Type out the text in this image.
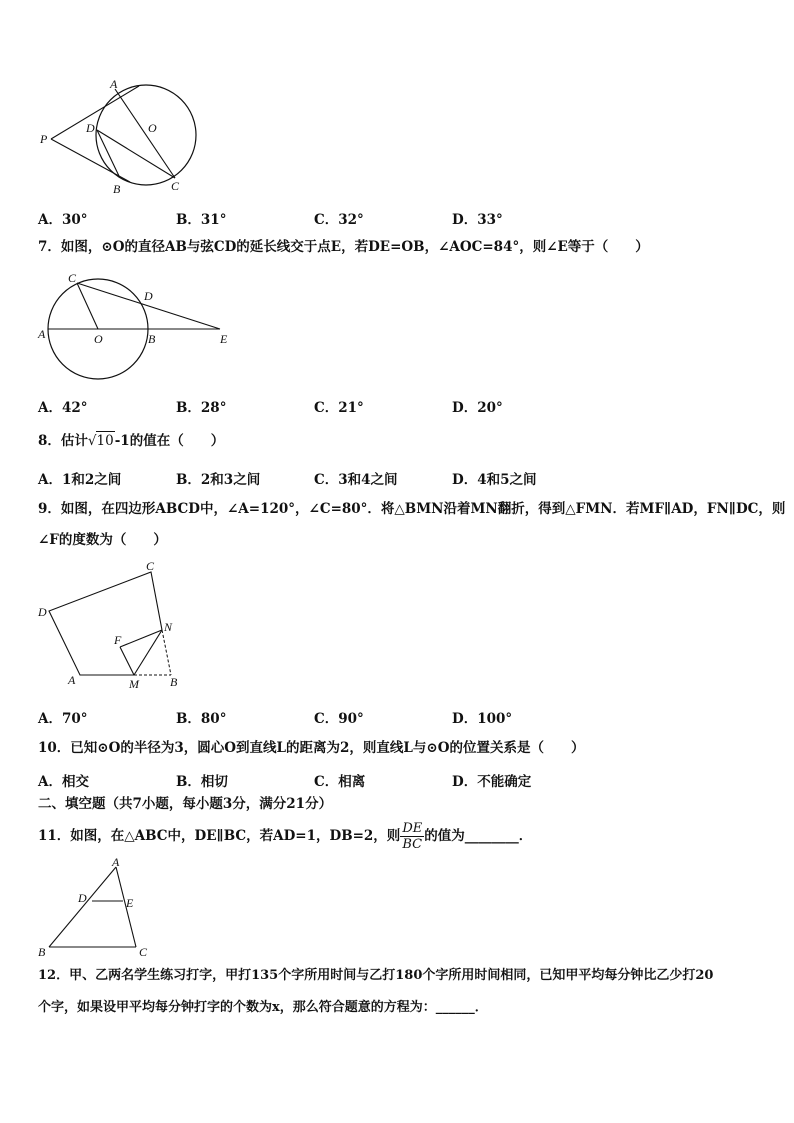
A
O
P
D
B	C
A．30°	B．31°	C．32°	D．33°
7．如图，⊙O的直径AB与弦CD的延长线交于点E，若DE=OB，∠AOC=84°，则∠E等于（　　）
C
D
A	O	B	E
A．42°	B．28°	C．21°	D．20°
8．估计√10-1的值在（　　）
A．1和2之间	B．2和3之间	C．3和4之间	D．4和5之间
9．如图，在四边形ABCD中，∠A=120°，∠C=80°．将△BMN沿着MN翻折，得到△FMN．若MF∥AD，FN∥DC，则
∠F的度数为（　　）
C
D
F
N
A	M	B
A．70°	B．80°	C．90°	D．100°
10．已知⊙O的半径为3，圆心O到直线L的距离为2，则直线L与⊙O的位置关系是（　　）
A．相交	B．相切	C．相离	D．不能确定
二、填空题（共7小题，每小题3分，满分21分）
11．如图，在△ABC中，DE∥BC，若AD=1，DB=2，则 $\frac{DE}{BC}$ 的值为________．
A
D	E
B	C
12．甲、乙两名学生练习打字，甲打135个字所用时间与乙打180个字所用时间相同，已知甲平均每分钟比乙少打20
个字，如果设甲平均每分钟打字的个数为x，那么符合题意的方程为：______．
